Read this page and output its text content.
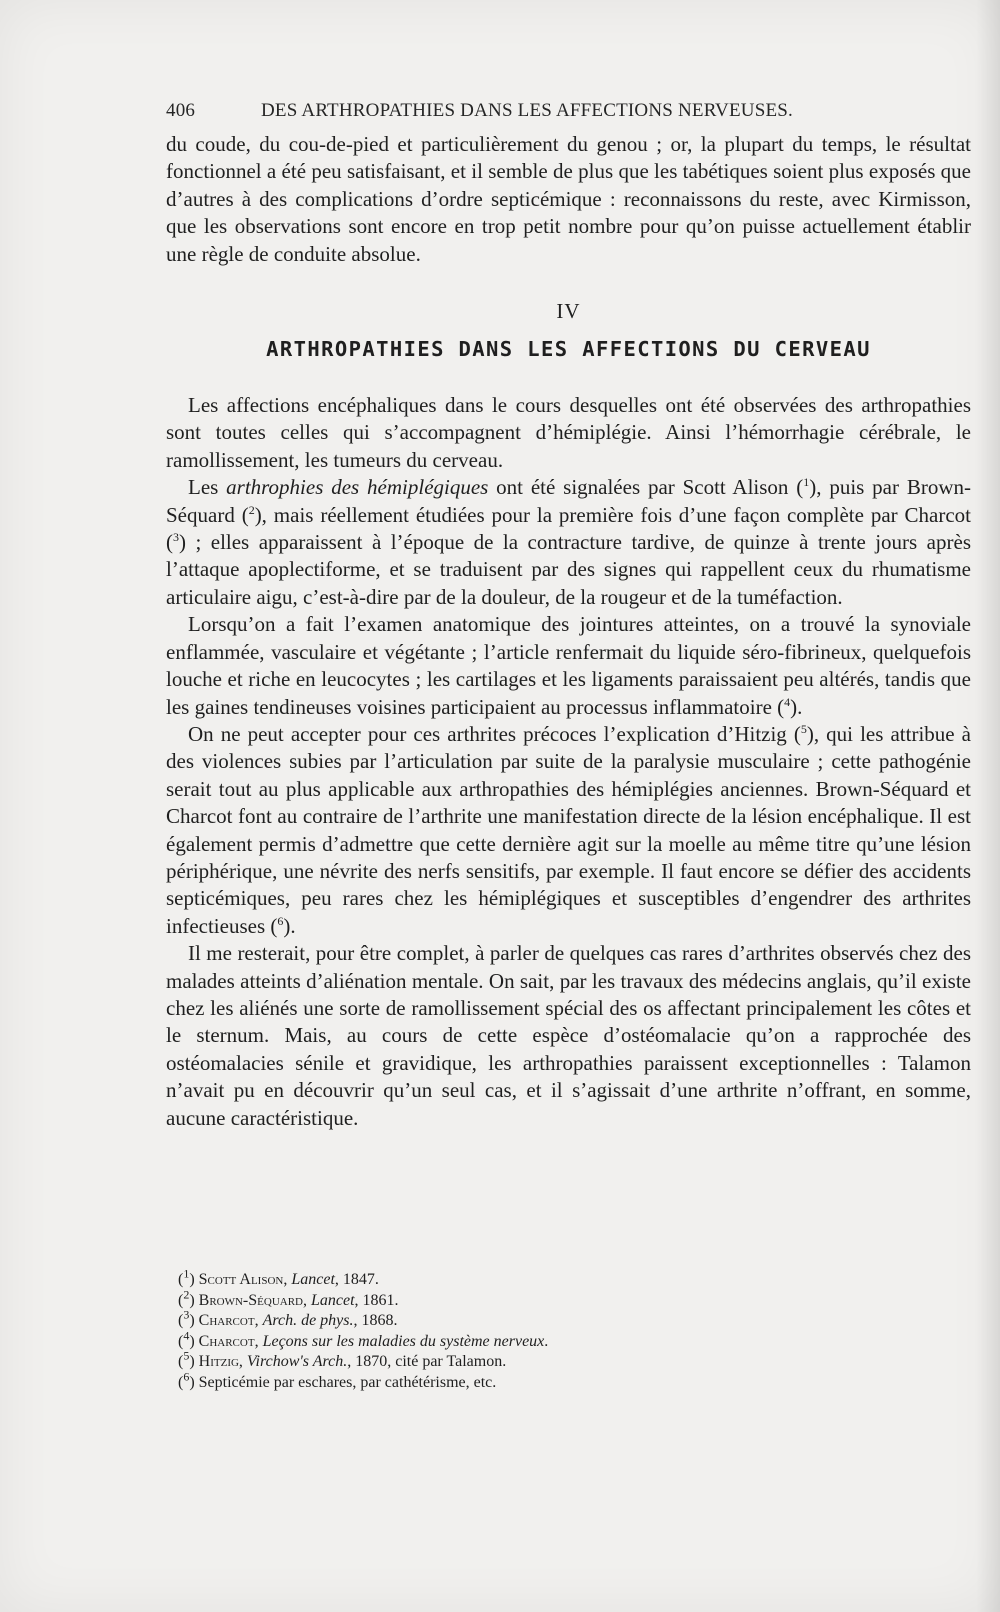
406	DES ARTHROPATHIES DANS LES AFFECTIONS NERVEUSES.

du coude, du cou-de-pied et particulièrement du genou ; or, la plupart du temps, le résultat fonctionnel a été peu satisfaisant, et il semble de plus que les tabétiques soient plus exposés que d’autres à des complications d’ordre septicémique : reconnaissons du reste, avec Kirmisson, que les observations sont encore en trop petit nombre pour qu’on puisse actuellement établir une règle de conduite absolue.

IV
ARTHROPATHIES DANS LES AFFECTIONS DU CERVEAU

Les affections encéphaliques dans le cours desquelles ont été observées des arthropathies sont toutes celles qui s’accompagnent d’hémiplégie. Ainsi l’hémorrhagie cérébrale, le ramollissement, les tumeurs du cerveau.

Les arthrophies des hémiplégiques ont été signalées par Scott Alison ($^1$), puis par Brown-Séquard ($^2$), mais réellement étudiées pour la première fois d’une façon complète par Charcot ($^3$) ; elles apparaissent à l’époque de la contracture tardive, de quinze à trente jours après l’attaque apoplectiforme, et se traduisent par des signes qui rappellent ceux du rhumatisme articulaire aigu, c’est-à-dire par de la douleur, de la rougeur et de la tuméfaction.

Lorsqu’on a fait l’examen anatomique des jointures atteintes, on a trouvé la synoviale enflammée, vasculaire et végétante ; l’article renfermait du liquide séro-fibrineux, quelquefois louche et riche en leucocytes ; les cartilages et les ligaments paraissaient peu altérés, tandis que les gaines tendineuses voisines participaient au processus inflammatoire ($^4$).

On ne peut accepter pour ces arthrites précoces l’explication d’Hitzig ($^5$), qui les attribue à des violences subies par l’articulation par suite de la paralysie musculaire ; cette pathogénie serait tout au plus applicable aux arthropathies des hémiplégies anciennes. Brown-Séquard et Charcot font au contraire de l’arthrite une manifestation directe de la lésion encéphalique. Il est également permis d’admettre que cette dernière agit sur la moelle au même titre qu’une lésion périphérique, une névrite des nerfs sensitifs, par exemple. Il faut encore se défier des accidents septicémiques, peu rares chez les hémiplégiques et susceptibles d’engendrer des arthrites infectieuses ($^6$).

Il me resterait, pour être complet, à parler de quelques cas rares d’arthrites observés chez des malades atteints d’aliénation mentale. On sait, par les travaux des médecins anglais, qu’il existe chez les aliénés une sorte de ramollissement spécial des os affectant principalement les côtes et le sternum. Mais, au cours de cette espèce d’ostéomalacie qu’on a rapprochée des ostéomalacies sénile et gravidique, les arthropathies paraissent exceptionnelles : Talamon n’avait pu en découvrir qu’un seul cas, et il s’agissait d’une arthrite n’offrant, en somme, aucune caractéristique.

($^1$) Scott Alison, Lancet, 1847.
($^2$) Brown-Séquard, Lancet, 1861.
($^3$) Charcot, Arch. de phys., 1868.
($^4$) Charcot, Leçons sur les maladies du système nerveux.
($^5$) Hitzig, Virchow's Arch., 1870, cité par Talamon.
($^6$) Septicémie par eschares, par cathétérisme, etc.
